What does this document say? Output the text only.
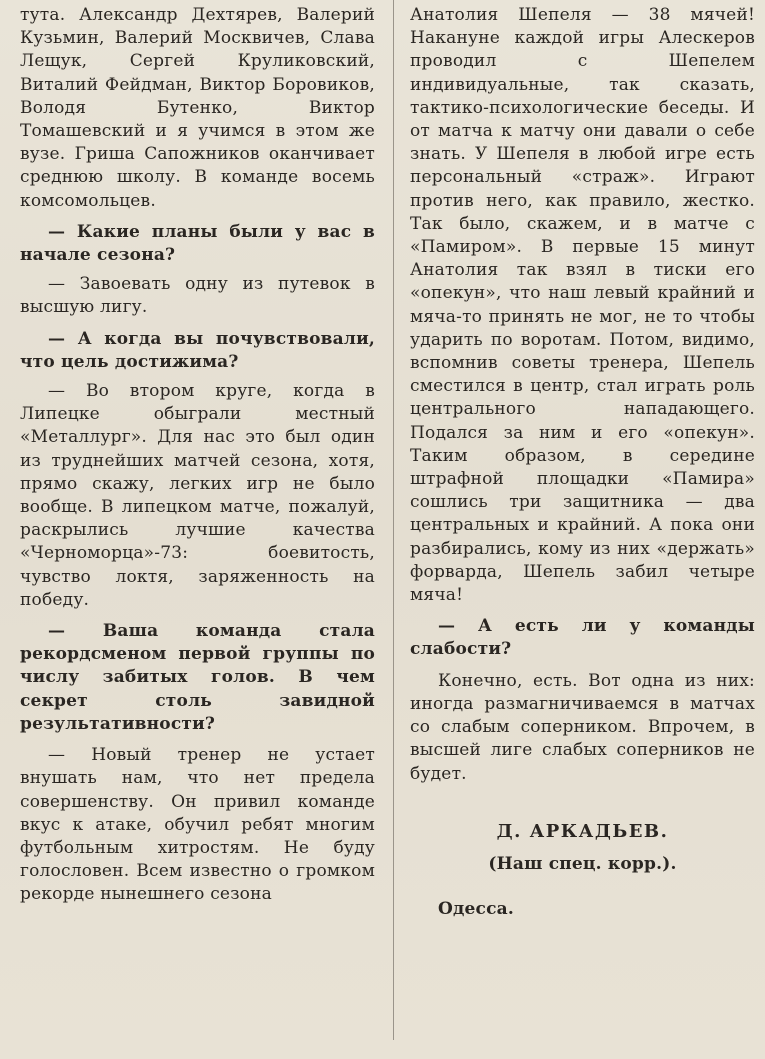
тута. Александр Дехтярев, Валерий Кузьмин, Валерий Москвичев, Слава Лещук, Сергей Круликовский, Виталий Фейдман, Виктор Боровиков, Володя Бутенко, Виктор Томашевский и я учимся в этом же вузе. Гриша Сапожников оканчивает среднюю школу. В команде восемь комсомольцев.

— Какие планы были у вас в начале сезона?

— Завоевать одну из путевок в высшую лигу.

— А когда вы почувствовали, что цель достижима?

— Во втором круге, когда в Липецке обыграли местный «Металлург». Для нас это был один из труднейших матчей сезона, хотя, прямо скажу, легких игр не было вообще. В липецком матче, пожалуй, раскрылись лучшие качества «Черноморца»-73: боевитость, чувство локтя, заряженность на победу.

— Ваша команда стала рекордсменом первой группы по числу забитых голов. В чем секрет столь завидной результативности?

— Новый тренер не устает внушать нам, что нет предела совершенству. Он привил команде вкус к атаке, обучил ребят многим футбольным хитростям. Не буду голословен. Всем известно о громком рекорде нынешнего сезона

Анатолия Шепеля — 38 мячей! Накануне каждой игры Алескеров проводил с Шепелем индивидуальные, так сказать, тактико-психологические беседы. И от матча к матчу они давали о себе знать. У Шепеля в любой игре есть персональный «страж». Играют против него, как правило, жестко. Так было, скажем, и в матче с «Памиром». В первые 15 минут Анатолия так взял в тиски его «опекун», что наш левый крайний и мяча-то принять не мог, не то чтобы ударить по воротам. Потом, видимо, вспомнив советы тренера, Шепель сместился в центр, стал играть роль центрального нападающего. Подался за ним и его «опекун». Таким образом, в середине штрафной площадки «Памира» сошлись три защитника — два центральных и крайний. А пока они разбирались, кому из них «держать» форварда, Шепель забил четыре мяча!

— А есть ли у команды слабости?

Конечно, есть. Вот одна из них: иногда размагничиваемся в матчах со слабым соперником. Впрочем, в высшей лиге слабых соперников не будет.

Д. АРКАДЬЕВ.

(Наш спец. корр.).

Одесса.
